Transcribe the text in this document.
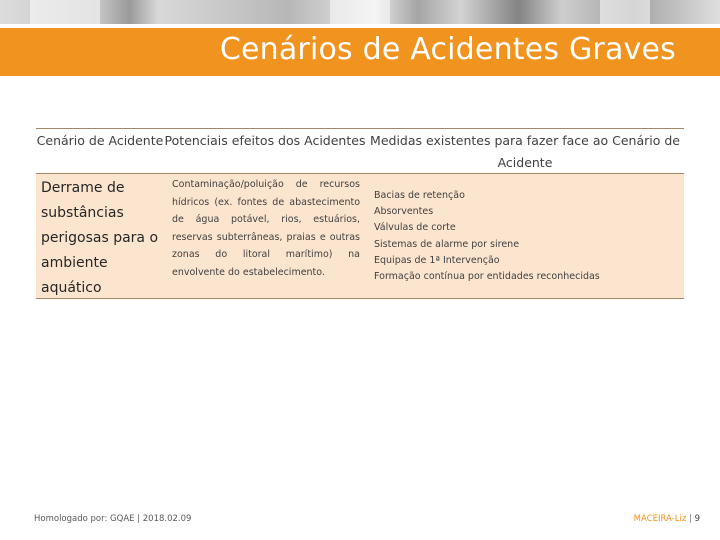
Cenários de Acidentes Graves
Cenário de Acidente Potenciais efeitos dos Acidentes Medidas existentes para fazer face ao Cenário de Acidente
Derrame de substâncias perigosas para o ambiente aquático
Contaminação/poluição de recursos hídricos (ex. fontes de abastecimento de água potável, rios, estuários, reservas subterrâneas, praias e outras zonas do litoral marítimo) na envolvente do estabelecimento.
Bacias de retenção
Absorventes
Válvulas de corte
Sistemas de alarme por sirene
Equipas de 1ª Intervenção
Formação contínua por entidades reconhecidas
Homologado por: GQAE | 2018.02.09	MACEIRA-Liz | 9
